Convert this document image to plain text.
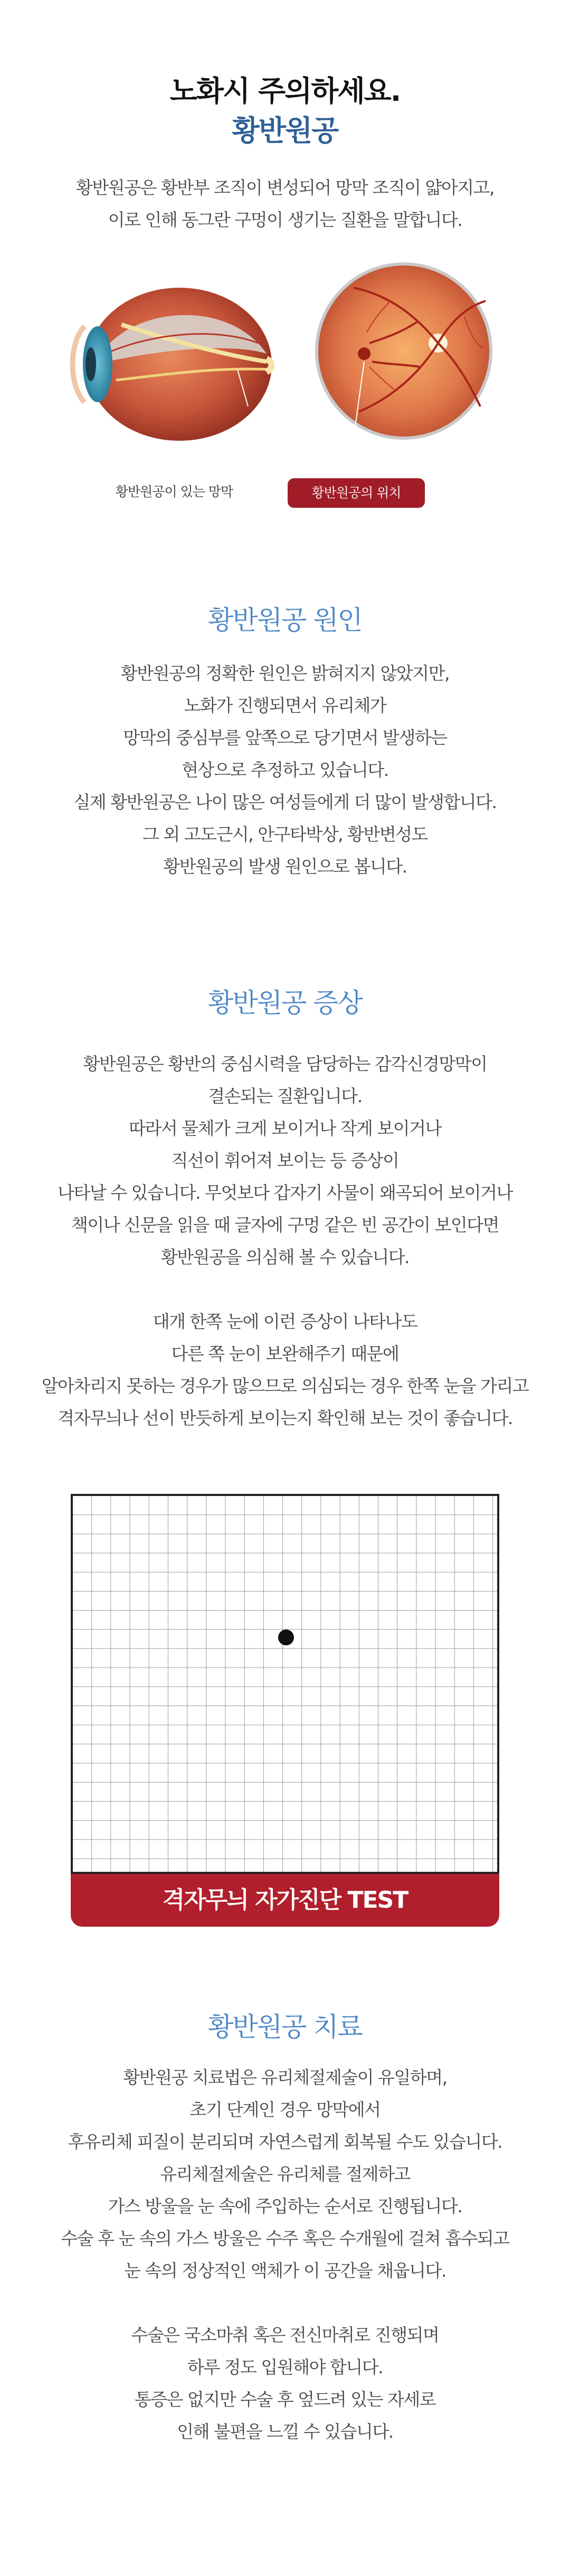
노화시 주의하세요.
황반원공
황반원공은 황반부 조직이 변성되어 망막 조직이 얇아지고,
이로 인해 동그란 구멍이 생기는 질환을 말합니다.
황반원공이 있는 망막	황반원공의 위치
황반원공 원인
황반원공의 정확한 원인은 밝혀지지 않았지만,
노화가 진행되면서 유리체가
망막의 중심부를 앞쪽으로 당기면서 발생하는
현상으로 추정하고 있습니다.
실제 황반원공은 나이 많은 여성들에게 더 많이 발생합니다.
그 외 고도근시, 안구타박상, 황반변성도
황반원공의 발생 원인으로 봅니다.
황반원공 증상
황반원공은 황반의 중심시력을 담당하는 감각신경망막이
결손되는 질환입니다.
따라서 물체가 크게 보이거나 작게 보이거나
직선이 휘어져 보이는 등 증상이
나타날 수 있습니다. 무엇보다 갑자기 사물이 왜곡되어 보이거나
책이나 신문을 읽을 때 글자에 구멍 같은 빈 공간이 보인다면
황반원공을 의심해 볼 수 있습니다.

대개 한쪽 눈에 이런 증상이 나타나도
다른 쪽 눈이 보완해주기 때문에
알아차리지 못하는 경우가 많으므로 의심되는 경우 한쪽 눈을 가리고
격자무늬나 선이 반듯하게 보이는지 확인해 보는 것이 좋습니다.
격자무늬 자가진단 TEST
황반원공 치료
황반원공 치료법은 유리체절제술이 유일하며,
초기 단계인 경우 망막에서
후유리체 피질이 분리되며 자연스럽게 회복될 수도 있습니다.
유리체절제술은 유리체를 절제하고
가스 방울을 눈 속에 주입하는 순서로 진행됩니다.
수술 후 눈 속의 가스 방울은 수주 혹은 수개월에 걸쳐 흡수되고
눈 속의 정상적인 액체가 이 공간을 채웁니다.

수술은 국소마취 혹은 전신마취로 진행되며
하루 정도 입원해야 합니다.
통증은 없지만 수술 후 엎드려 있는 자세로
인해 불편을 느낄 수 있습니다.
